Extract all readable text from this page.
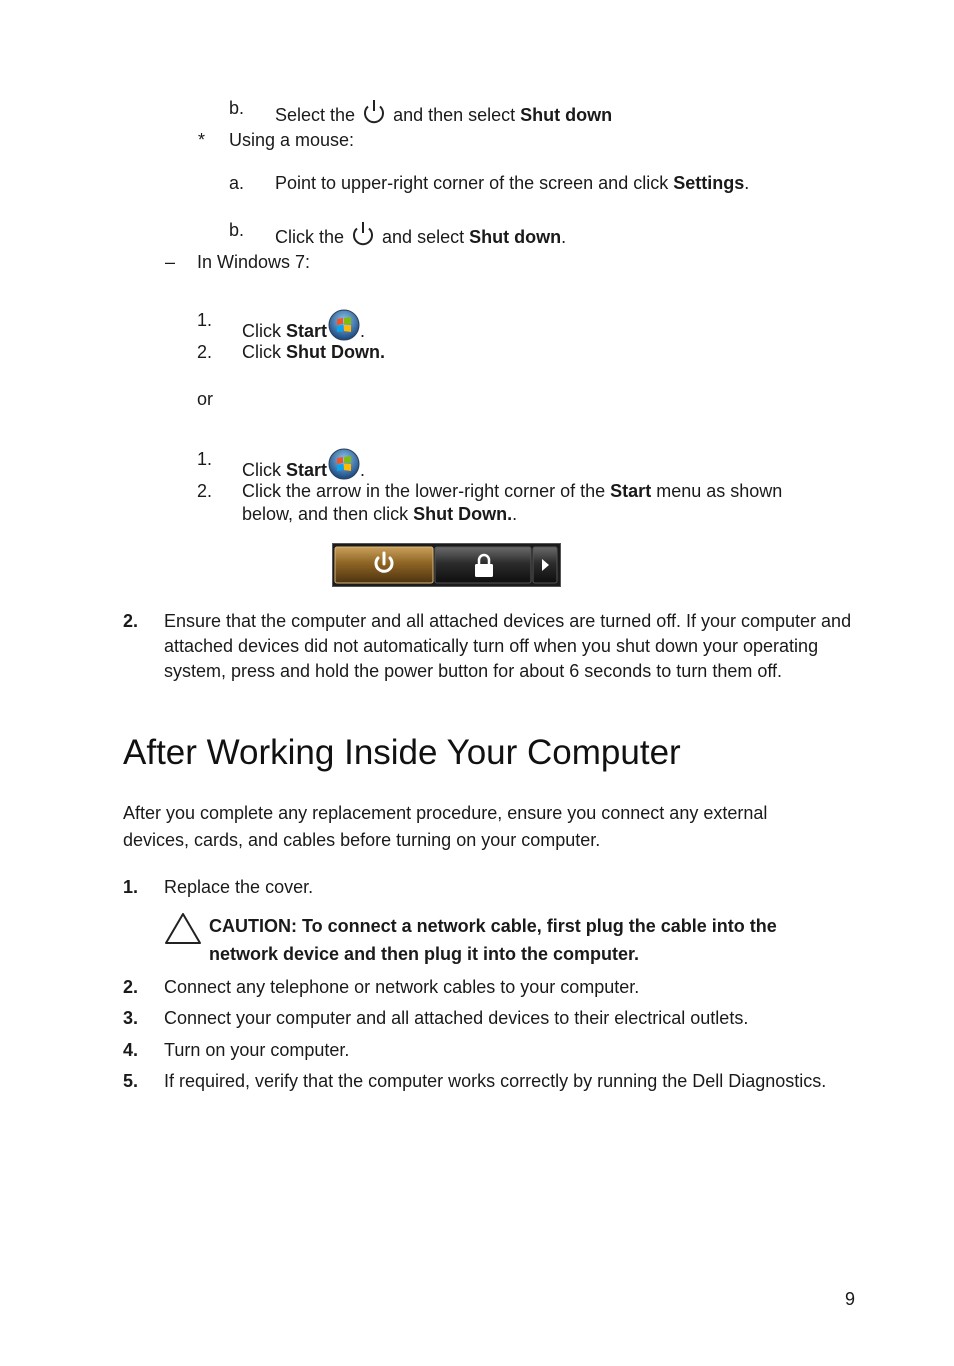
b. Select the and then select Shut down
* Using a mouse:
a. Point to upper-right corner of the screen and click Settings.
b. Click the and select Shut down.
– In Windows 7:
1.
Click Start .
2. Click Shut Down.
or
1.
Click Start .
2. Click the arrow in the lower-right corner of the Start menu as shown
below, and then click Shut Down..
2. Ensure that the computer and all attached devices are turned off. If your computer and attached devices did not automatically turn off when you shut down your operating system, press and hold the power button for about 6 seconds to turn them off.
After Working Inside Your Computer
After you complete any replacement procedure, ensure you connect any external devices, cards, and cables before turning on your computer.
1. Replace the cover.
CAUTION: To connect a network cable, first plug the cable into the network device and then plug it into the computer.
2. Connect any telephone or network cables to your computer.
3. Connect your computer and all attached devices to their electrical outlets.
4. Turn on your computer.
5. If required, verify that the computer works correctly by running the Dell Diagnostics.
9
